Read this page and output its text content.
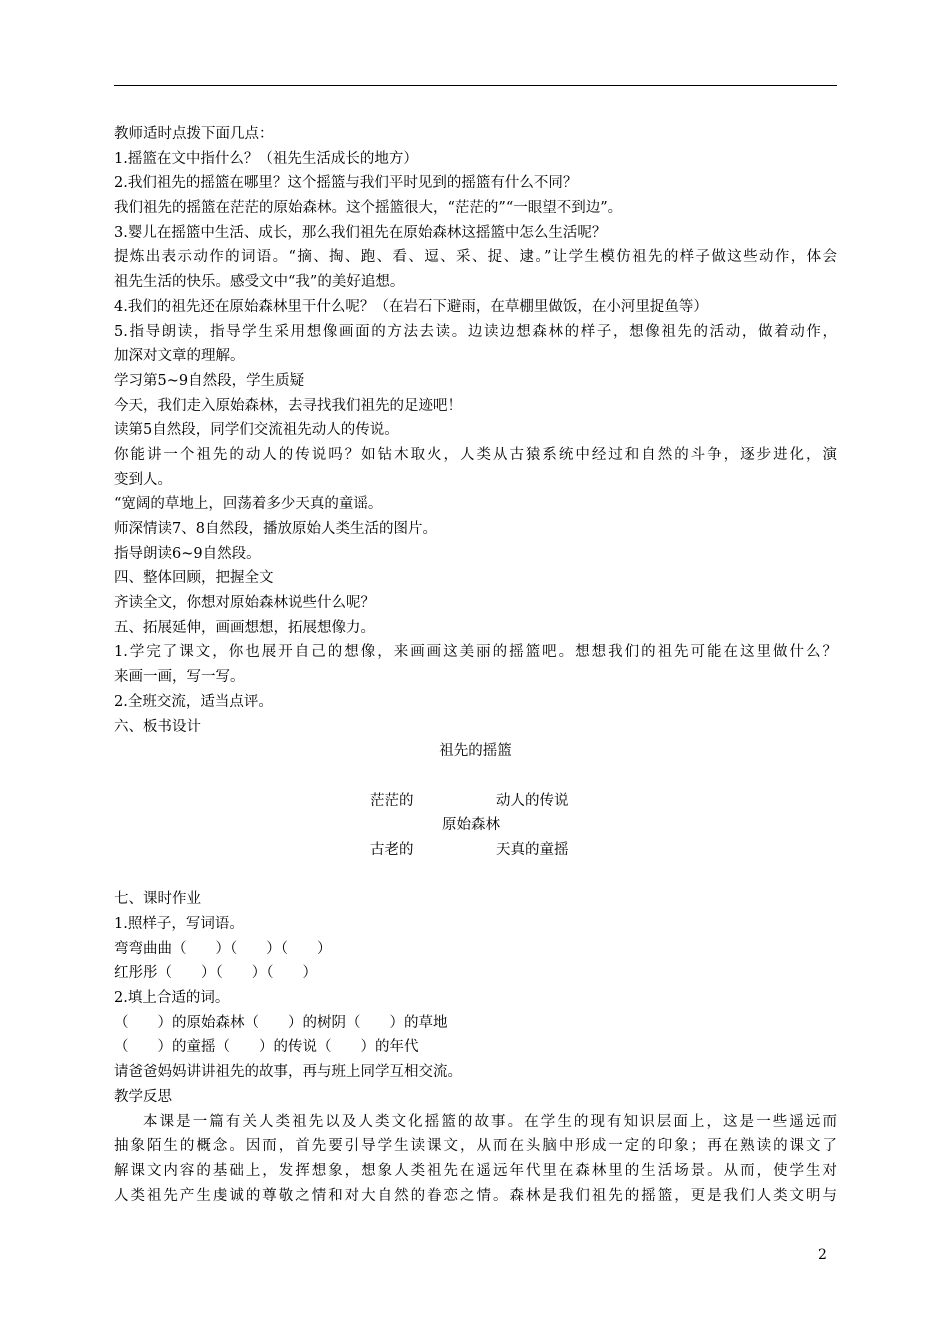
教师适时点拨下面几点：
1.摇篮在文中指什么？（祖先生活成长的地方）
2.我们祖先的摇篮在哪里？这个摇篮与我们平时见到的摇篮有什么不同？
我们祖先的摇篮在茫茫的原始森林。这个摇篮很大，“茫茫的”“一眼望不到边”。
3.婴儿在摇篮中生活、成长，那么我们祖先在原始森林这摇篮中怎么生活呢？
提炼出表示动作的词语。“摘、掏、跑、看、逗、采、捉、逮。”让学生模仿祖先的样子做这些动作，体会
祖先生活的快乐。感受文中“我”的美好追想。
4.我们的祖先还在原始森林里干什么呢？（在岩石下避雨，在草棚里做饭，在小河里捉鱼等）
5.指导朗读，指导学生采用想像画面的方法去读。边读边想森林的样子，想像祖先的活动，做着动作，
加深对文章的理解。
学习第5~9自然段，学生质疑
今天，我们走入原始森林，去寻找我们祖先的足迹吧！
读第5自然段，同学们交流祖先动人的传说。
你能讲一个祖先的动人的传说吗？如钻木取火，人类从古猿系统中经过和自然的斗争，逐步进化，演
变到人。
“宽阔的草地上，回荡着多少天真的童谣。
师深情读7、8自然段，播放原始人类生活的图片。
指导朗读6~9自然段。
四、整体回顾，把握全文
齐读全文，你想对原始森林说些什么呢？
五、拓展延伸，画画想想，拓展想像力。
1.学完了课文，你也展开自己的想像，来画画这美丽的摇篮吧。想想我们的祖先可能在这里做什么？
来画一画，写一写。
2.全班交流，适当点评。
六、板书设计
祖先的摇篮
茫茫的	动人的传说
原始森林
古老的	天真的童摇
七、课时作业
1.照样子，写词语。
弯弯曲曲（　　）（　　）（　　）
红彤彤（　　）（　　）（　　）
2.填上合适的词。
（　　）的原始森林（　　）的树阴（　　）的草地
（　　）的童摇（　　）的传说（　　）的年代
请爸爸妈妈讲讲祖先的故事，再与班上同学互相交流。
教学反思
本课是一篇有关人类祖先以及人类文化摇篮的故事。在学生的现有知识层面上，这是一些遥远而
抽象陌生的概念。因而，首先要引导学生读课文，从而在头脑中形成一定的印象；再在熟读的课文了
解课文内容的基础上，发挥想象，想象人类祖先在遥远年代里在森林里的生活场景。从而，使学生对
人类祖先产生虔诚的尊敬之情和对大自然的眷恋之情。森林是我们祖先的摇篮，更是我们人类文明与
2
